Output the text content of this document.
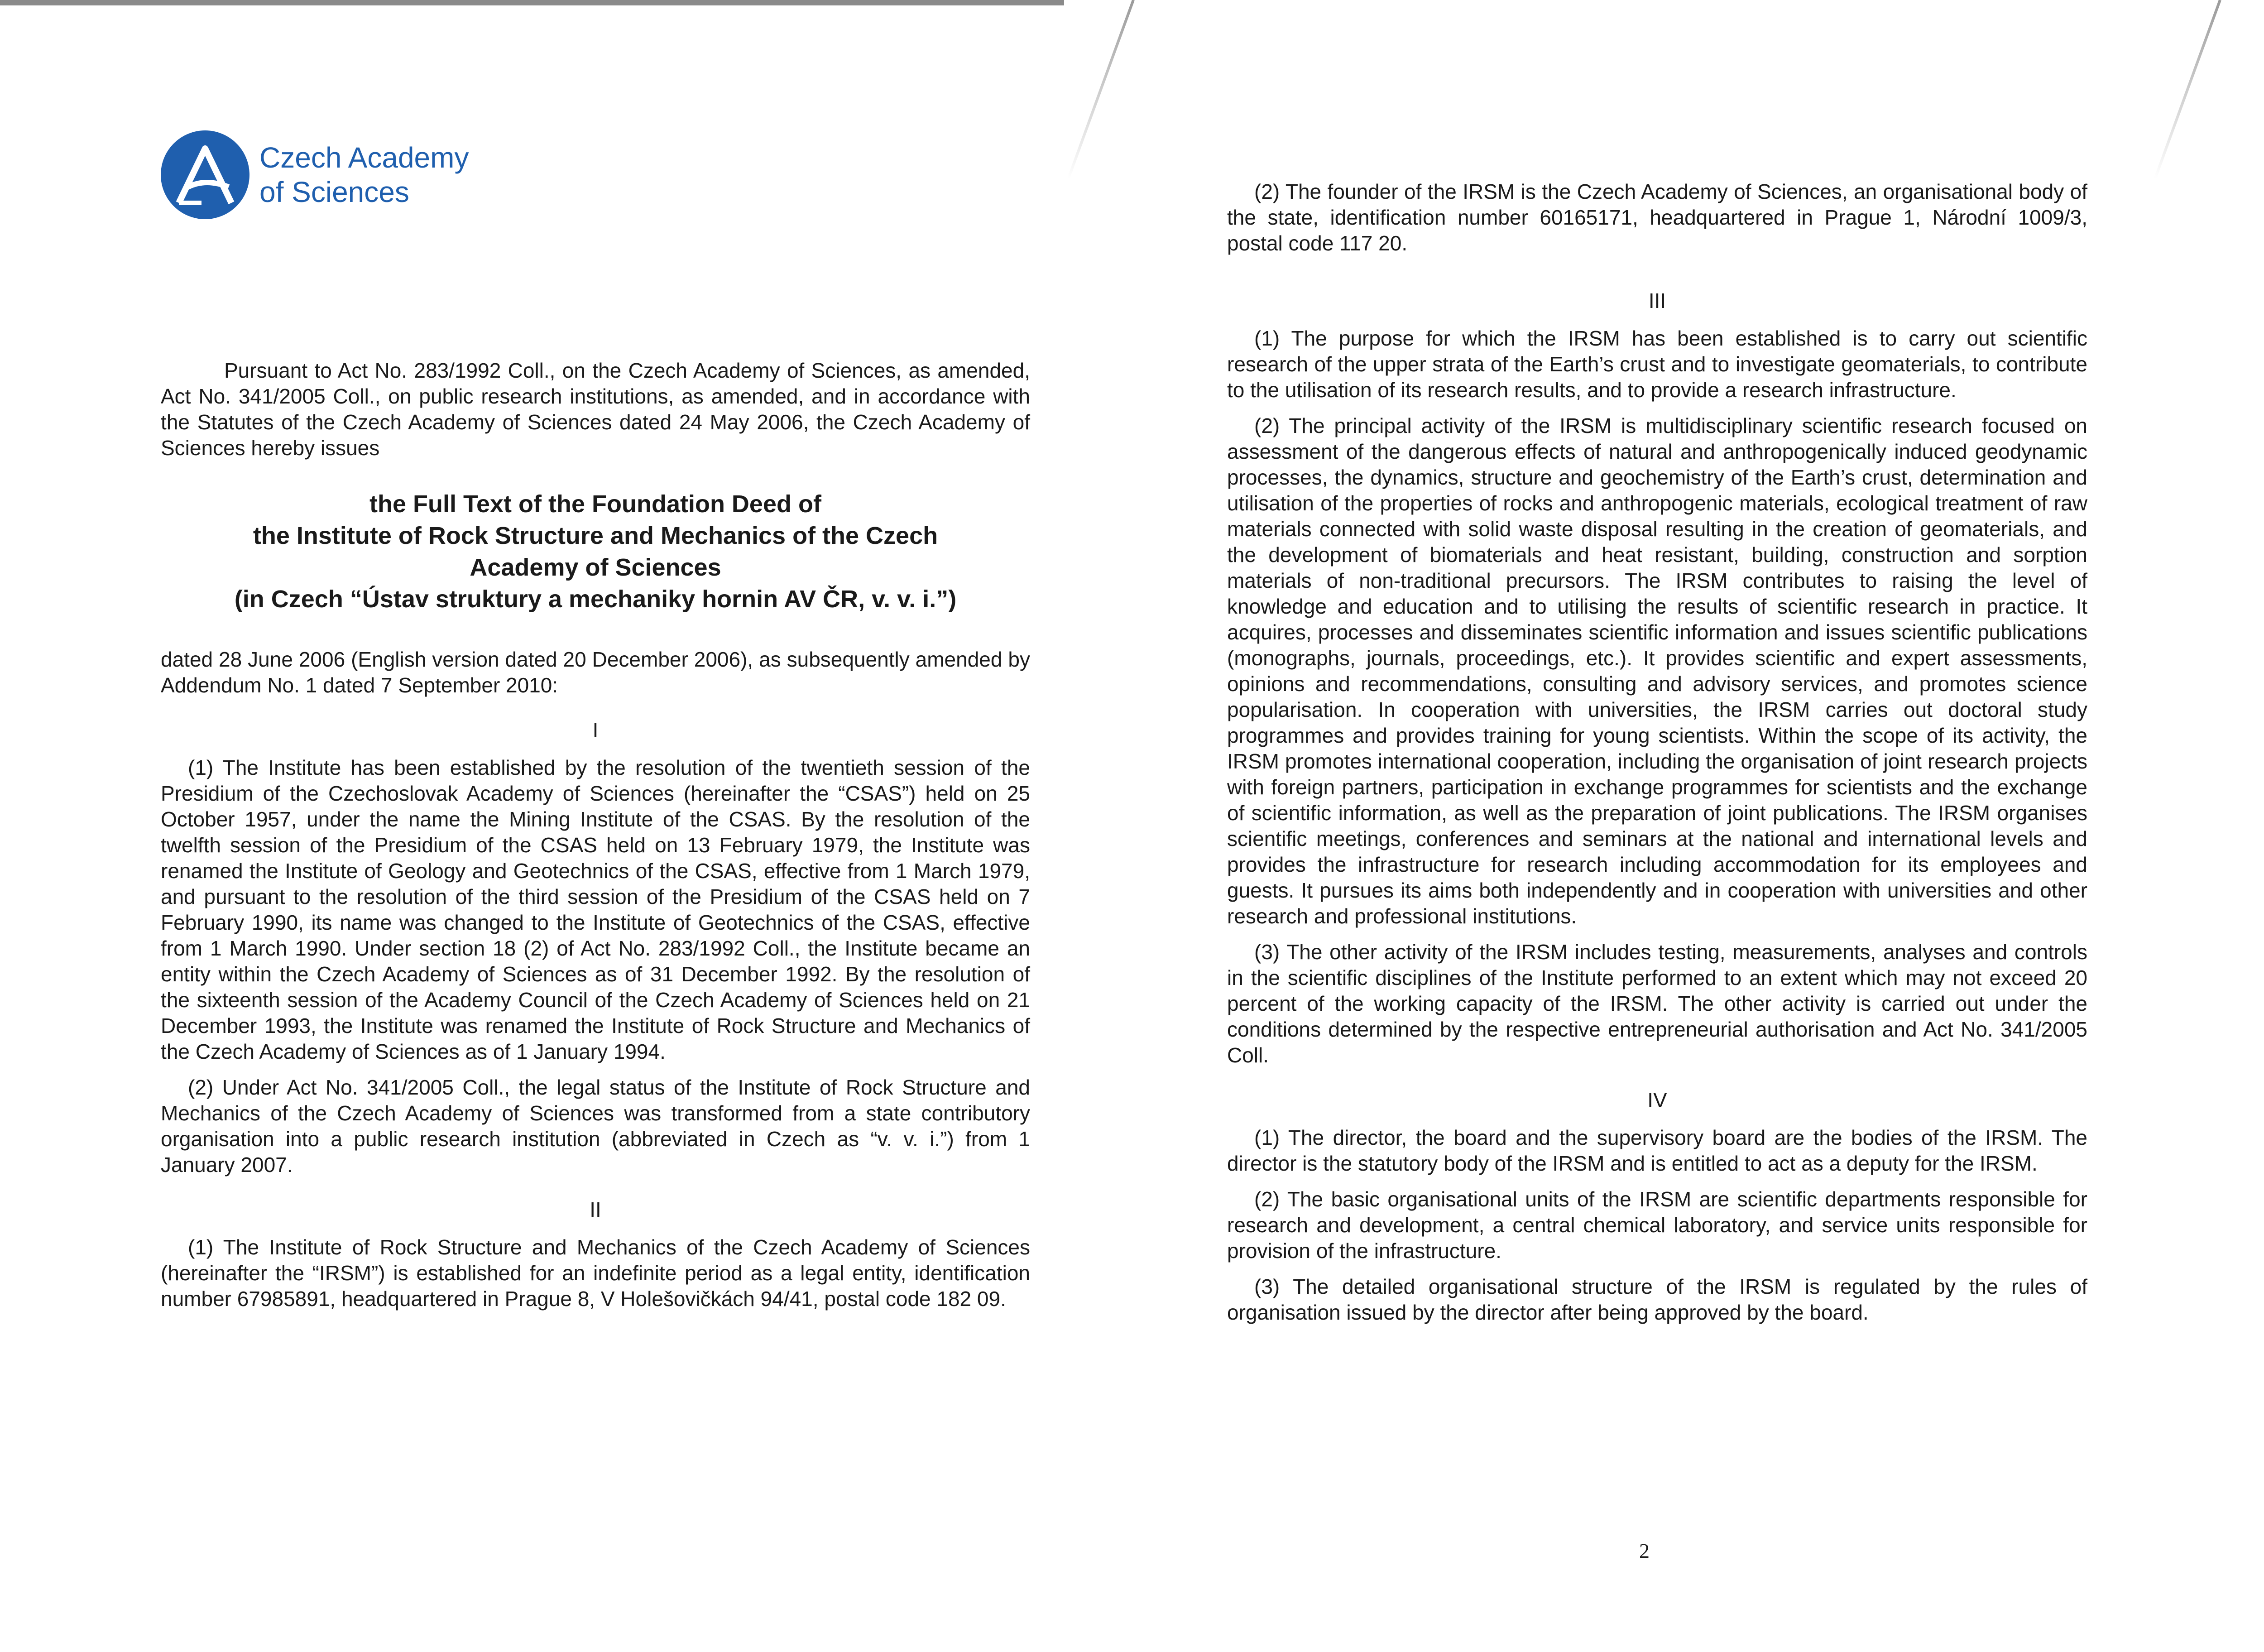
Czech Academy
of Sciences

Pursuant to Act No. 283/1992 Coll., on the Czech Academy of Sciences, as amended, Act No. 341/2005 Coll., on public research institutions, as amended, and in accordance with the Statutes of the Czech Academy of Sciences dated 24 May 2006, the Czech Academy of Sciences hereby issues

the Full Text of the Foundation Deed of
the Institute of Rock Structure and Mechanics of the Czech Academy of Sciences
(in Czech “Ústav struktury a mechaniky hornin AV ČR, v. v. i.”)

dated 28 June 2006 (English version dated 20 December 2006), as subsequently amended by Addendum No. 1 dated 7 September 2010:

I

(1) The Institute has been established by the resolution of the twentieth session of the Presidium of the Czechoslovak Academy of Sciences (hereinafter the “CSAS”) held on 25 October 1957, under the name the Mining Institute of the CSAS. By the resolution of the twelfth session of the Presidium of the CSAS held on 13 February 1979, the Institute was renamed the Institute of Geology and Geotechnics of the CSAS, effective from 1 March 1979, and pursuant to the resolution of the third session of the Presidium of the CSAS held on 7 February 1990, its name was changed to the Institute of Geotechnics of the CSAS, effective from 1 March 1990. Under section 18 (2) of Act No. 283/1992 Coll., the Institute became an entity within the Czech Academy of Sciences as of 31 December 1992. By the resolution of the sixteenth session of the Academy Council of the Czech Academy of Sciences held on 21 December 1993, the Institute was renamed the Institute of Rock Structure and Mechanics of the Czech Academy of Sciences as of 1 January 1994.

(2) Under Act No. 341/2005 Coll., the legal status of the Institute of Rock Structure and Mechanics of the Czech Academy of Sciences was transformed from a state contributory organisation into a public research institution (abbreviated in Czech as “v. v. i.”) from 1 January 2007.

II

(1) The Institute of Rock Structure and Mechanics of the Czech Academy of Sciences (hereinafter the “IRSM”) is established for an indefinite period as a legal entity, identification number 67985891, headquartered in Prague 8, V Holešovičkách 94/41, postal code 182 09.

(2) The founder of the IRSM is the Czech Academy of Sciences, an organisational body of the state, identification number 60165171, headquartered in Prague 1, Národní 1009/3, postal code 117 20.

III

(1) The purpose for which the IRSM has been established is to carry out scientific research of the upper strata of the Earth’s crust and to investigate geomaterials, to contribute to the utilisation of its research results, and to provide a research infrastructure.

(2) The principal activity of the IRSM is multidisciplinary scientific research focused on assessment of the dangerous effects of natural and anthropogenically induced geodynamic processes, the dynamics, structure and geochemistry of the Earth’s crust, determination and utilisation of the properties of rocks and anthropogenic materials, ecological treatment of raw materials connected with solid waste disposal resulting in the creation of geomaterials, and the development of biomaterials and heat resistant, building, construction and sorption materials of non-traditional precursors. The IRSM contributes to raising the level of knowledge and education and to utilising the results of scientific research in practice. It acquires, processes and disseminates scientific information and issues scientific publications (monographs, journals, proceedings, etc.). It provides scientific and expert assessments, opinions and recommendations, consulting and advisory services, and promotes science popularisation. In cooperation with universities, the IRSM carries out doctoral study programmes and provides training for young scientists. Within the scope of its activity, the IRSM promotes international cooperation, including the organisation of joint research projects with foreign partners, participation in exchange programmes for scientists and the exchange of scientific information, as well as the preparation of joint publications. The IRSM organises scientific meetings, conferences and seminars at the national and international levels and provides the infrastructure for research including accommodation for its employees and guests. It pursues its aims both independently and in cooperation with universities and other research and professional institutions.

(3) The other activity of the IRSM includes testing, measurements, analyses and controls in the scientific disciplines of the Institute performed to an extent which may not exceed 20 percent of the working capacity of the IRSM. The other activity is carried out under the conditions determined by the respective entrepreneurial authorisation and Act No. 341/2005 Coll.

IV

(1) The director, the board and the supervisory board are the bodies of the IRSM. The director is the statutory body of the IRSM and is entitled to act as a deputy for the IRSM.

(2) The basic organisational units of the IRSM are scientific departments responsible for research and development, a central chemical laboratory, and service units responsible for provision of the infrastructure.

(3) The detailed organisational structure of the IRSM is regulated by the rules of organisation issued by the director after being approved by the board.

2
